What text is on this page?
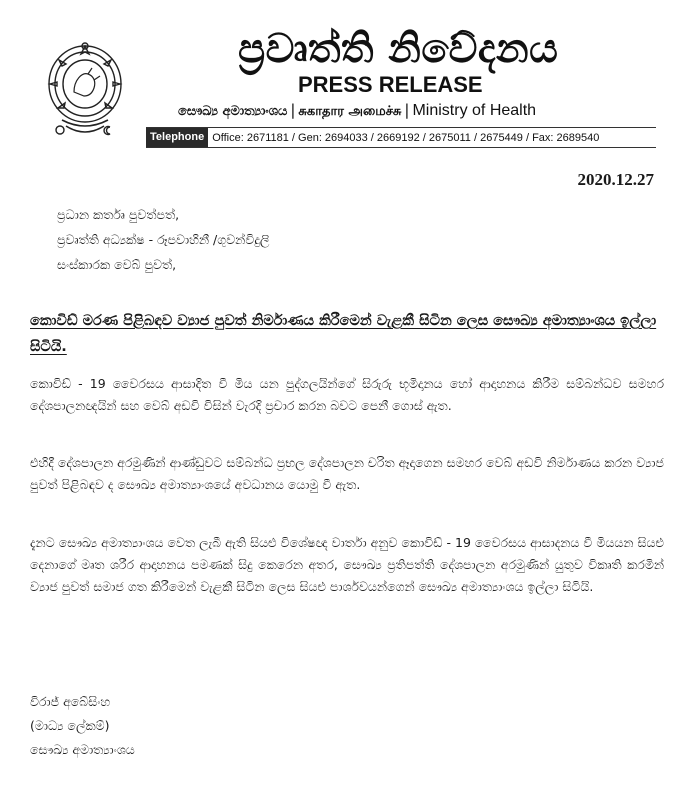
ප්‍රවෘත්ති නිවේදනය
PRESS RELEASE
සෞඛ්‍ය අමාත්‍යාංශය | சுகாதார அமைச்சு | Ministry of Health
Telephone Office: 2671181 / Gen: 2694033 / 2669192 / 2675011 / 2675449 / Fax: 2689540
2020.12.27
ප්‍රධාන කර්තෘ පුවත්පත්,
ප්‍රවෘත්ති අධ්‍යක්ෂ - රූපවාහිනී /ගුවන්විදුලි
සංස්කාරක වෙබ් පුවත්,
කොවිඩ් මරණ පිළිබඳව ව්‍යාජ පුවත් නිර්මාණය කිරීමෙන් වැළකී සිටින ලෙස සෞඛ්‍ය අමාත්‍යාංශය ඉල්ලා සිටියි.
කොවිඩ් - 19 වෛරසය ආසාදිත වී මිය යන පුද්ගලයින්ගේ සිරුරු භූමිදානය හෝ ආදාහනය කිරීම සම්බන්ධව සමහර දේශපාලනඥයින් සහ වෙබ් අඩවි විසින් වැරදි ප්‍රචාර කරන බවට පෙනී ගොස් ඇත.
එහිදී දේශපාලන අරමුණින් ආණ්ඩුවට සම්බන්ධ ප්‍රභල දේශපාලන චරිත ඈදාගෙන සමහර වෙබ් අඩවි නිර්මාණය කරන ව්‍යාජ පුවත් පිළිබඳව ද සෞඛ්‍ය අමාත්‍යාංශයේ අවධානය යොමු වී ඇත.
දැනට සෞඛ්‍ය අමාත්‍යාංශය වෙත ලැබී ඇති සියළු විශේෂඥ වාර්තා අනුව කොවිඩ් - 19 වෛරසය ආසාදනය වී මියයන සියළු දෙනාගේ මෘත ශරීර ආදාහනය පමණක් සිදු කෙරෙන අතර, සෞඛ්‍ය ප්‍රතිපත්ති දේශපාලන අරමුණින් යුතුව විකෘති කරමින් ව්‍යාජ පුවත් සමාජ ගත කිරීමෙන් වැළකී සිටින ලෙස සියළු පාර්ශවයන්ගෙන් සෞඛ්‍ය අමාත්‍යාංශය ඉල්ලා සිටියි.
විරාජ් අබේසිංහ
(මාධ්‍ය ලේකම්)
සෞඛ්‍ය අමාත්‍යාංශය
